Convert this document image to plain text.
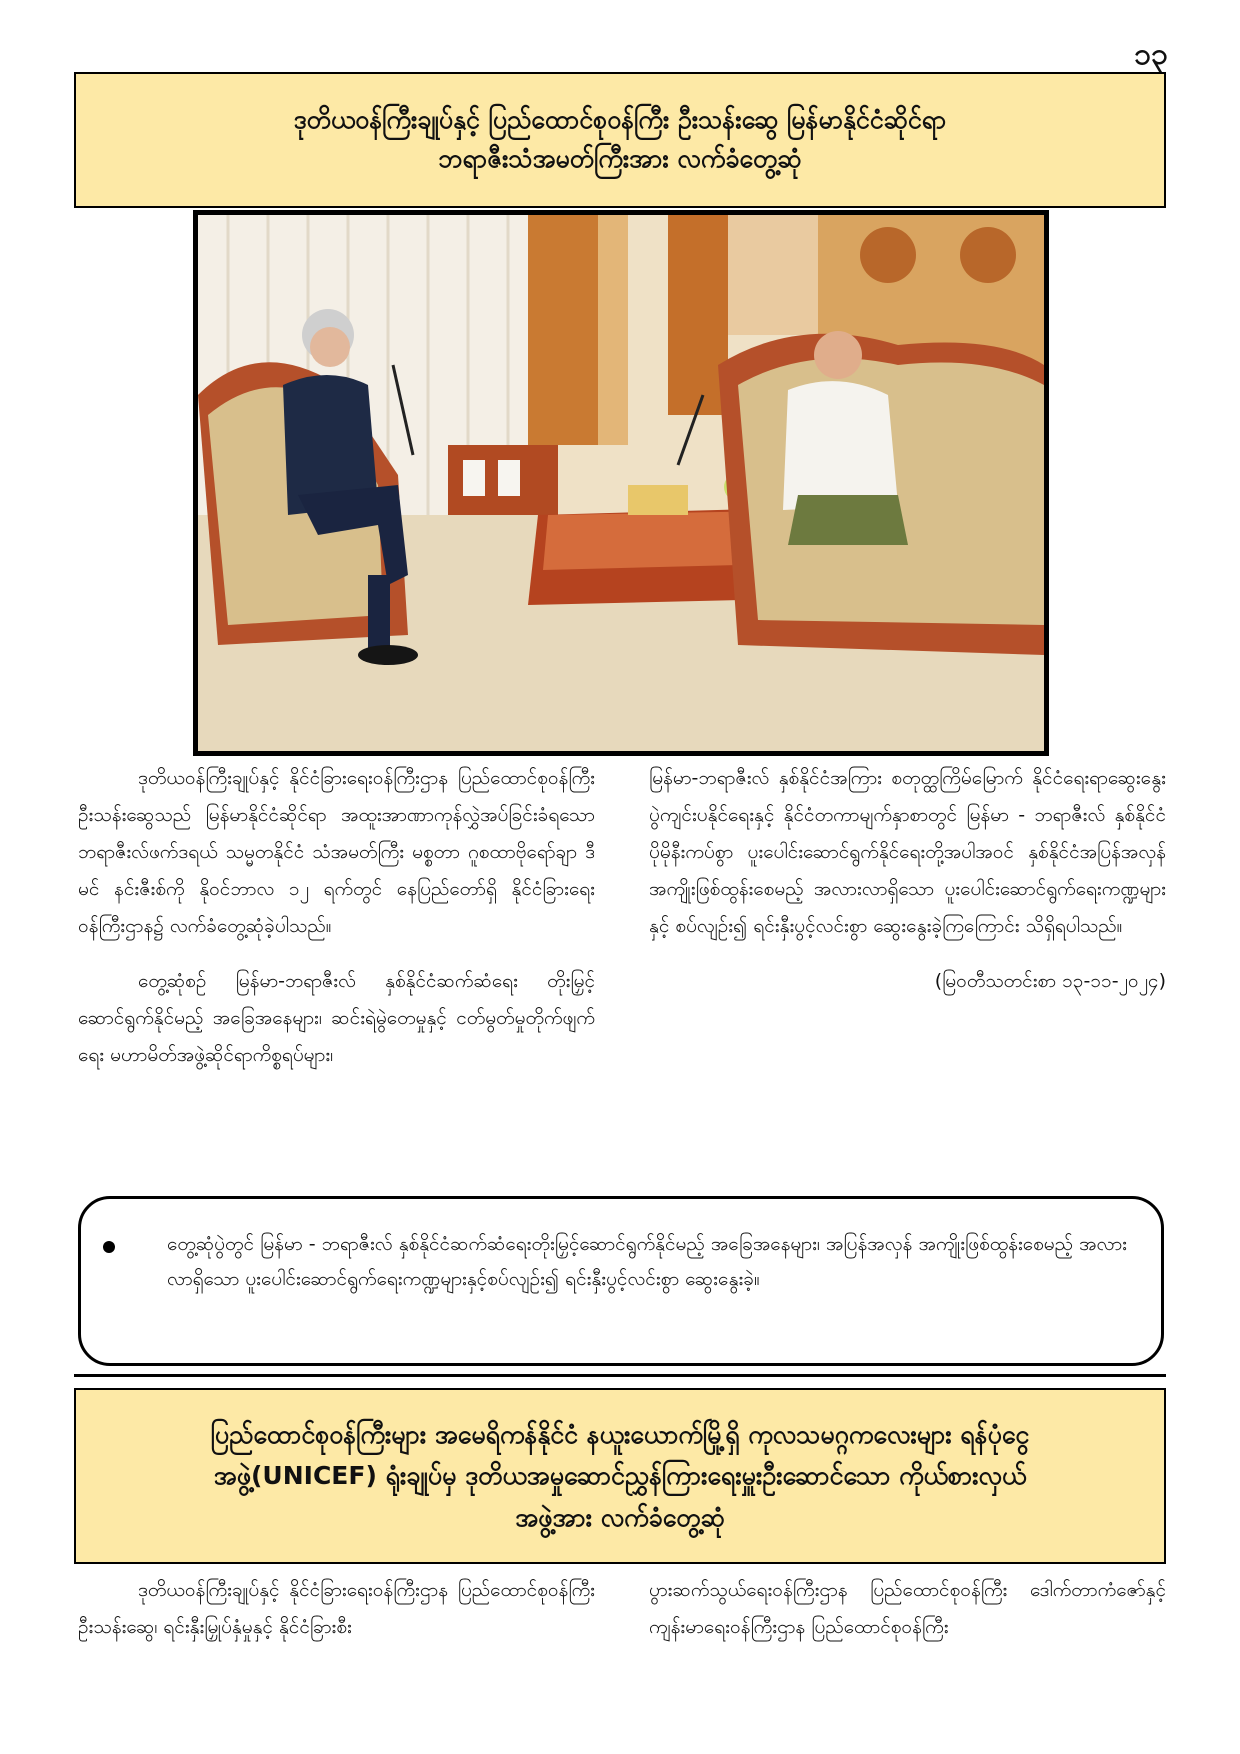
၁၃
ဒုတိယဝန်ကြီးချုပ်နှင့် ပြည်ထောင်စုဝန်ကြီး ဦးသန်းဆွေ မြန်မာနိုင်ငံဆိုင်ရာ
ဘရာဇီးသံအမတ်ကြီးအား လက်ခံတွေ့ဆုံ

ဒုတိယဝန်ကြီးချုပ်နှင့် နိုင်ငံခြားရေးဝန်ကြီးဌာန ပြည်ထောင်စုဝန်ကြီး ဦးသန်းဆွေသည် မြန်မာနိုင်ငံဆိုင်ရာ အထူးအာဏာကုန်လွှဲအပ်ခြင်းခံရသော ဘရာဇီးလ်ဖက်ဒရယ် သမ္မတနိုင်ငံ သံအမတ်ကြီး မစ္စတာ ဂူစထာဗိုရော်ချာ ဒီမင် နင်းဇီးစ်ကို နိုဝင်ဘာလ ၁၂ ရက်တွင် နေပြည်တော်ရှိ နိုင်ငံခြားရေးဝန်ကြီးဌာန၌ လက်ခံတွေ့ဆုံခဲ့ပါသည်။

တွေ့ဆုံစဉ် မြန်မာ-ဘရာဇီးလ် နှစ်နိုင်ငံဆက်ဆံရေး တိုးမြှင့်ဆောင်ရွက်နိုင်မည့် အခြေအနေများ၊ ဆင်းရဲမွဲတေမှုနှင့် ငတ်မွတ်မှုတိုက်ဖျက်ရေး မဟာမိတ်အဖွဲ့ဆိုင်ရာကိစ္စရပ်များ၊

မြန်မာ-ဘရာဇီးလ် နှစ်နိုင်ငံအကြား စတုတ္ထကြိမ်မြောက် နိုင်ငံရေးရာဆွေးနွေးပွဲကျင်းပနိုင်ရေးနှင့် နိုင်ငံတကာမျက်နှာစာတွင် မြန်မာ - ဘရာဇီးလ် နှစ်နိုင်ငံပိုမိုနီးကပ်စွာ ပူးပေါင်းဆောင်ရွက်နိုင်ရေးတို့အပါအဝင် နှစ်နိုင်ငံအပြန်အလှန်အကျိုးဖြစ်ထွန်းစေမည့် အလားလာရှိသော ပူးပေါင်းဆောင်ရွက်ရေးကဏ္ဍများနှင့် စပ်လျဉ်း၍ ရင်းနှီးပွင့်လင်းစွာ ဆွေးနွေးခဲ့ကြကြောင်း သိရှိရပါသည်။

(မြဝတီသတင်းစာ ၁၃-၁၁-၂၀၂၄)
တွေ့ဆုံပွဲတွင် မြန်မာ - ဘရာဇီးလ် နှစ်နိုင်ငံဆက်ဆံရေးတိုးမြှင့်ဆောင်ရွက်နိုင်မည့် အခြေအနေများ၊ အပြန်အလှန် အကျိုးဖြစ်ထွန်းစေမည့် အလားလာရှိသော ပူးပေါင်းဆောင်ရွက်ရေးကဏ္ဍများနှင့်စပ်လျဉ်း၍ ရင်းနှီးပွင့်လင်းစွာ ဆွေးနွေးခဲ့။
ပြည်ထောင်စုဝန်ကြီးများ အမေရိကန်နိုင်ငံ နယူးယောက်မြို့ရှိ ကုလသမဂ္ဂကလေးများ ရန်ပုံငွေ
အဖွဲ့(UNICEF) ရုံးချုပ်မှ ဒုတိယအမှုဆောင်ညွှန်ကြားရေးမှူးဦးဆောင်သော ကိုယ်စားလှယ်
အဖွဲ့အား လက်ခံတွေ့ဆုံ

ဒုတိယဝန်ကြီးချုပ်နှင့် နိုင်ငံခြားရေးဝန်ကြီးဌာန ပြည်ထောင်စုဝန်ကြီး ဦးသန်းဆွေ၊ ရင်းနှီးမြှုပ်နှံမှုနှင့် နိုင်ငံခြားစီး

ပွားဆက်သွယ်ရေးဝန်ကြီးဌာန ပြည်ထောင်စုဝန်ကြီး ဒေါက်တာကံဇော်နှင့် ကျန်းမာရေးဝန်ကြီးဌာန ပြည်ထောင်စုဝန်ကြီး
